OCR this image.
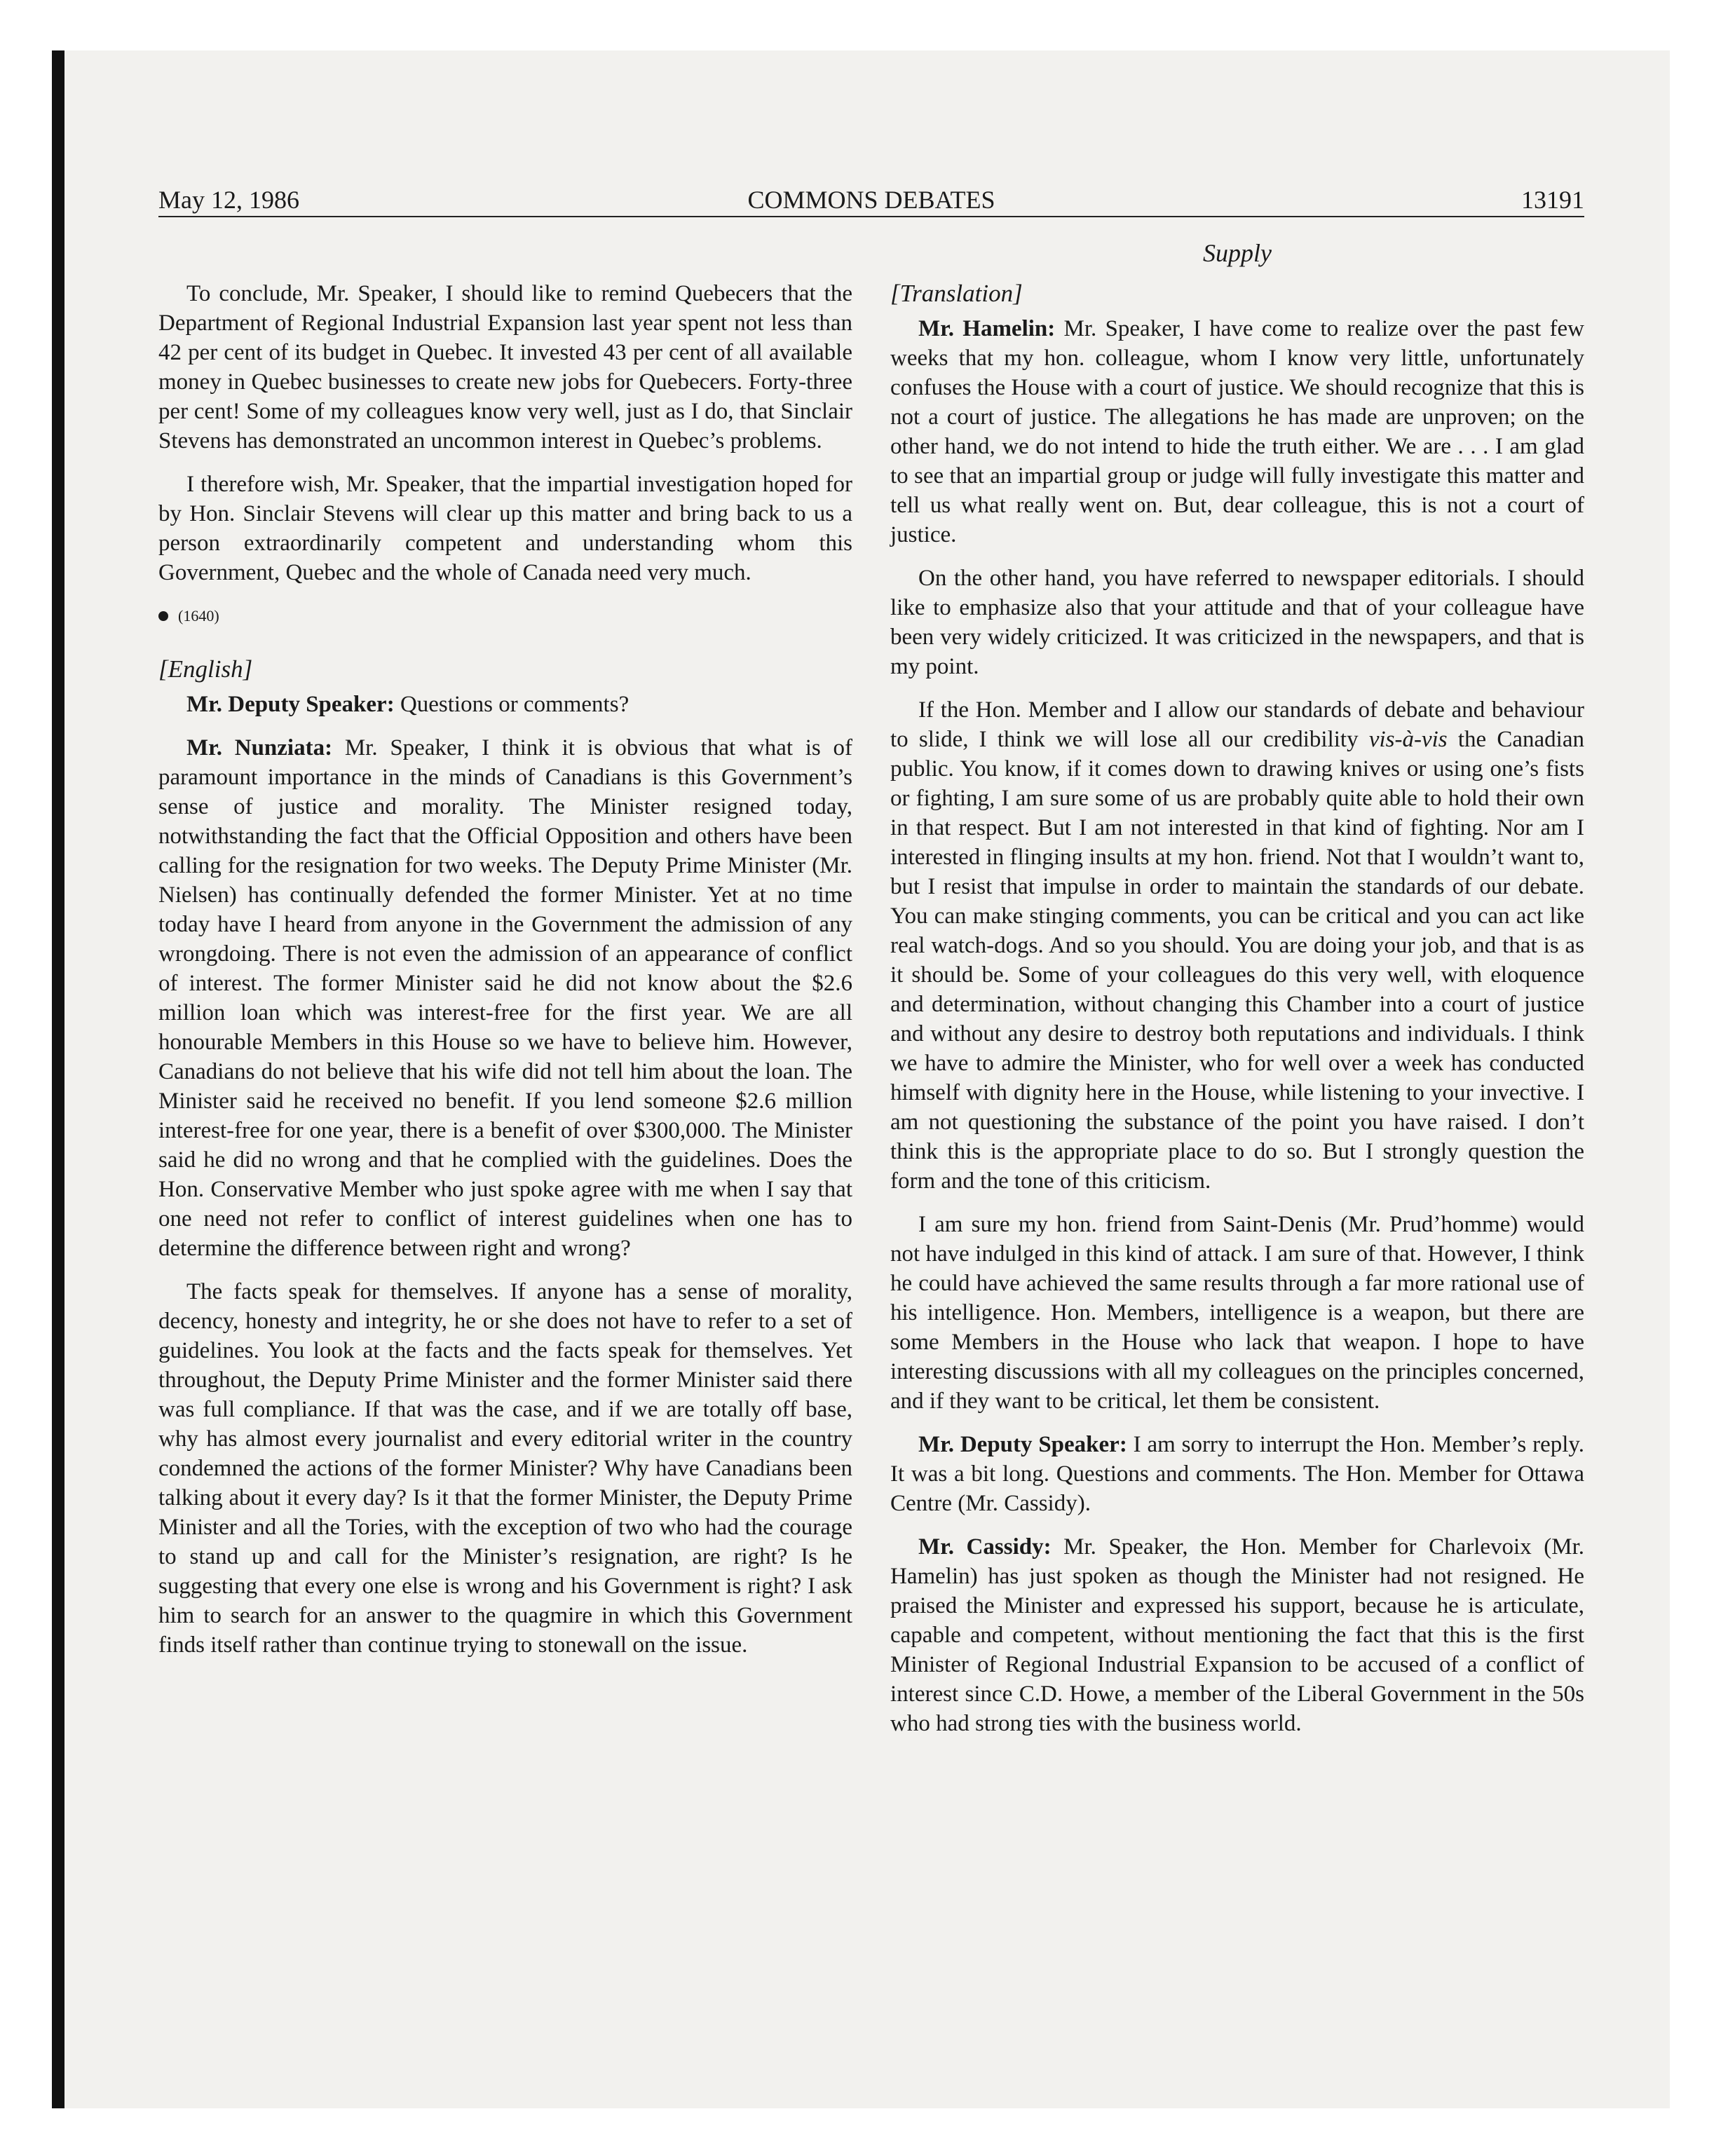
May 12, 1986	COMMONS DEBATES	13191
Supply

To conclude, Mr. Speaker, I should like to remind Quebecers that the Department of Regional Industrial Expansion last year spent not less than 42 per cent of its budget in Quebec. It invested 43 per cent of all available money in Quebec businesses to create new jobs for Quebecers. Forty-three per cent! Some of my colleagues know very well, just as I do, that Sinclair Stevens has demonstrated an uncommon interest in Quebec’s problems.

I therefore wish, Mr. Speaker, that the impartial investigation hoped for by Hon. Sinclair Stevens will clear up this matter and bring back to us a person extraordinarily competent and understanding whom this Government, Quebec and the whole of Canada need very much.

(1640)
[English]

Mr. Deputy Speaker: Questions or comments?

Mr. Nunziata: Mr. Speaker, I think it is obvious that what is of paramount importance in the minds of Canadians is this Government’s sense of justice and morality. The Minister resigned today, notwithstanding the fact that the Official Opposition and others have been calling for the resignation for two weeks. The Deputy Prime Minister (Mr. Nielsen) has continually defended the former Minister. Yet at no time today have I heard from anyone in the Government the admission of any wrongdoing. There is not even the admission of an appearance of conflict of interest. The former Minister said he did not know about the $2.6 million loan which was interest-free for the first year. We are all honourable Members in this House so we have to believe him. However, Canadians do not believe that his wife did not tell him about the loan. The Minister said he received no benefit. If you lend someone $2.6 million interest-free for one year, there is a benefit of over $300,000. The Minister said he did no wrong and that he complied with the guidelines. Does the Hon. Conservative Member who just spoke agree with me when I say that one need not refer to conflict of interest guidelines when one has to determine the difference between right and wrong?

The facts speak for themselves. If anyone has a sense of morality, decency, honesty and integrity, he or she does not have to refer to a set of guidelines. You look at the facts and the facts speak for themselves. Yet throughout, the Deputy Prime Minister and the former Minister said there was full compliance. If that was the case, and if we are totally off base, why has almost every journalist and every editorial writer in the country condemned the actions of the former Minister? Why have Canadians been talking about it every day? Is it that the former Minister, the Deputy Prime Minister and all the Tories, with the exception of two who had the courage to stand up and call for the Minister’s resignation, are right? Is he suggesting that every one else is wrong and his Government is right? I ask him to search for an answer to the quagmire in which this Government finds itself rather than continue trying to stonewall on the issue.

[Translation]

Mr. Hamelin: Mr. Speaker, I have come to realize over the past few weeks that my hon. colleague, whom I know very little, unfortunately confuses the House with a court of justice. We should recognize that this is not a court of justice. The allegations he has made are unproven; on the other hand, we do not intend to hide the truth either. We are . . . I am glad to see that an impartial group or judge will fully investigate this matter and tell us what really went on. But, dear colleague, this is not a court of justice.

On the other hand, you have referred to newspaper editorials. I should like to emphasize also that your attitude and that of your colleague have been very widely criticized. It was criticized in the newspapers, and that is my point.

If the Hon. Member and I allow our standards of debate and behaviour to slide, I think we will lose all our credibility vis-à-vis the Canadian public. You know, if it comes down to drawing knives or using one’s fists or fighting, I am sure some of us are probably quite able to hold their own in that respect. But I am not interested in that kind of fighting. Nor am I interested in flinging insults at my hon. friend. Not that I wouldn’t want to, but I resist that impulse in order to maintain the standards of our debate. You can make stinging comments, you can be critical and you can act like real watch-dogs. And so you should. You are doing your job, and that is as it should be. Some of your colleagues do this very well, with eloquence and determination, without changing this Chamber into a court of justice and without any desire to destroy both reputations and individuals. I think we have to admire the Minister, who for well over a week has conducted himself with dignity here in the House, while listening to your invective. I am not questioning the substance of the point you have raised. I don’t think this is the appropriate place to do so. But I strongly question the form and the tone of this criticism.

I am sure my hon. friend from Saint-Denis (Mr. Prud’homme) would not have indulged in this kind of attack. I am sure of that. However, I think he could have achieved the same results through a far more rational use of his intelligence. Hon. Members, intelligence is a weapon, but there are some Members in the House who lack that weapon. I hope to have interesting discussions with all my colleagues on the principles concerned, and if they want to be critical, let them be consistent.

Mr. Deputy Speaker: I am sorry to interrupt the Hon. Member’s reply. It was a bit long. Questions and comments. The Hon. Member for Ottawa Centre (Mr. Cassidy).

Mr. Cassidy: Mr. Speaker, the Hon. Member for Charlevoix (Mr. Hamelin) has just spoken as though the Minister had not resigned. He praised the Minister and expressed his support, because he is articulate, capable and competent, without mentioning the fact that this is the first Minister of Regional Industrial Expansion to be accused of a conflict of interest since C.D. Howe, a member of the Liberal Government in the 50s who had strong ties with the business world.
